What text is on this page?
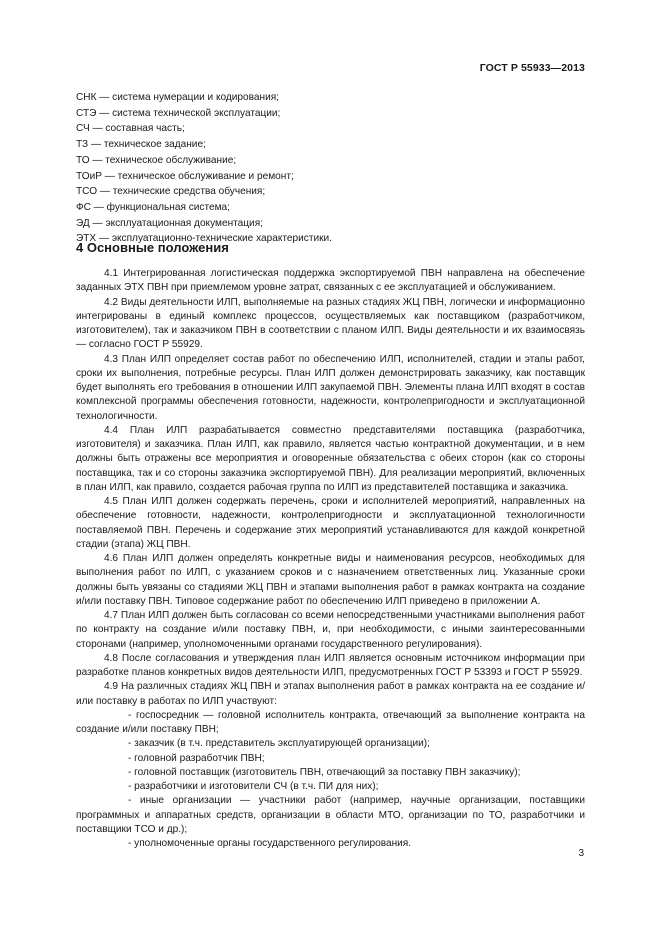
ГОСТ Р 55933—2013
СНК — система нумерации и кодирования;
СТЭ — система технической эксплуатации;
СЧ — составная часть;
ТЗ — техническое задание;
ТО — техническое обслуживание;
ТОиР — техническое обслуживание и ремонт;
ТСО — технические средства обучения;
ФС — функциональная система;
ЭД — эксплуатационная документация;
ЭТХ — эксплуатационно-технические характеристики.
4 Основные положения

4.1 Интегрированная логистическая поддержка экспортируемой ПВН направлена на обеспечение заданных ЭТХ ПВН при приемлемом уровне затрат, связанных с ее эксплуатацией и обслуживанием.

4.2 Виды деятельности ИЛП, выполняемые на разных стадиях ЖЦ ПВН, логически и информационно интегрированы в единый комплекс процессов, осуществляемых как поставщиком (разработчиком, изготовителем), так и заказчиком ПВН в соответствии с планом ИЛП. Виды деятельности и их взаимосвязь — согласно ГОСТ Р 55929.

4.3 План ИЛП определяет состав работ по обеспечению ИЛП, исполнителей, стадии и этапы работ, сроки их выполнения, потребные ресурсы. План ИЛП должен демонстрировать заказчику, как поставщик будет выполнять его требования в отношении ИЛП закупаемой ПВН. Элементы плана ИЛП входят в состав комплексной программы обеспечения готовности, надежности, контролепригодности и эксплуатационной технологичности.

4.4 План ИЛП разрабатывается совместно представителями поставщика (разработчика, изготовителя) и заказчика. План ИЛП, как правило, является частью контрактной документации, и в нем должны быть отражены все мероприятия и оговоренные обязательства с обеих сторон (как со стороны поставщика, так и со стороны заказчика экспортируемой ПВН). Для реализации мероприятий, включенных в план ИЛП, как правило, создается рабочая группа по ИЛП из представителей поставщика и заказчика.

4.5 План ИЛП должен содержать перечень, сроки и исполнителей мероприятий, направленных на обеспечение готовности, надежности, контролепригодности и эксплуатационной технологичности поставляемой ПВН. Перечень и содержание этих мероприятий устанавливаются для каждой конкретной стадии (этапа) ЖЦ ПВН.

4.6 План ИЛП должен определять конкретные виды и наименования ресурсов, необходимых для выполнения работ по ИЛП, с указанием сроков и с назначением ответственных лиц. Указанные сроки должны быть увязаны со стадиями ЖЦ ПВН и этапами выполнения работ в рамках контракта на создание и/или поставку ПВН. Типовое содержание работ по обеспечению ИЛП приведено в приложении А.

4.7 План ИЛП должен быть согласован со всеми непосредственными участниками выполнения работ по контракту на создание и/или поставку ПВН, и, при необходимости, с иными заинтересованными сторонами (например, уполномоченными органами государственного регулирования).

4.8 После согласования и утверждения план ИЛП является основным источником информации при разработке планов конкретных видов деятельности ИЛП, предусмотренных ГОСТ Р 53393 и ГОСТ Р 55929.

4.9 На различных стадиях ЖЦ ПВН и этапах выполнения работ в рамках контракта на ее создание и/или поставку в работах по ИЛП участвуют:

- госпосредник — головной исполнитель контракта, отвечающий за выполнение контракта на создание и/или поставку ПВН;

- заказчик (в т.ч. представитель эксплуатирующей организации);

- головной разработчик ПВН;

- головной поставщик (изготовитель ПВН, отвечающий за поставку ПВН заказчику);

- разработчики и изготовители СЧ (в т.ч. ПИ для них);

- иные организации — участники работ (например, научные организации, поставщики программных и аппаратных средств, организации в области МТО, организации по ТО, разработчики и поставщики ТСО и др.);

- уполномоченные органы государственного регулирования.

3
